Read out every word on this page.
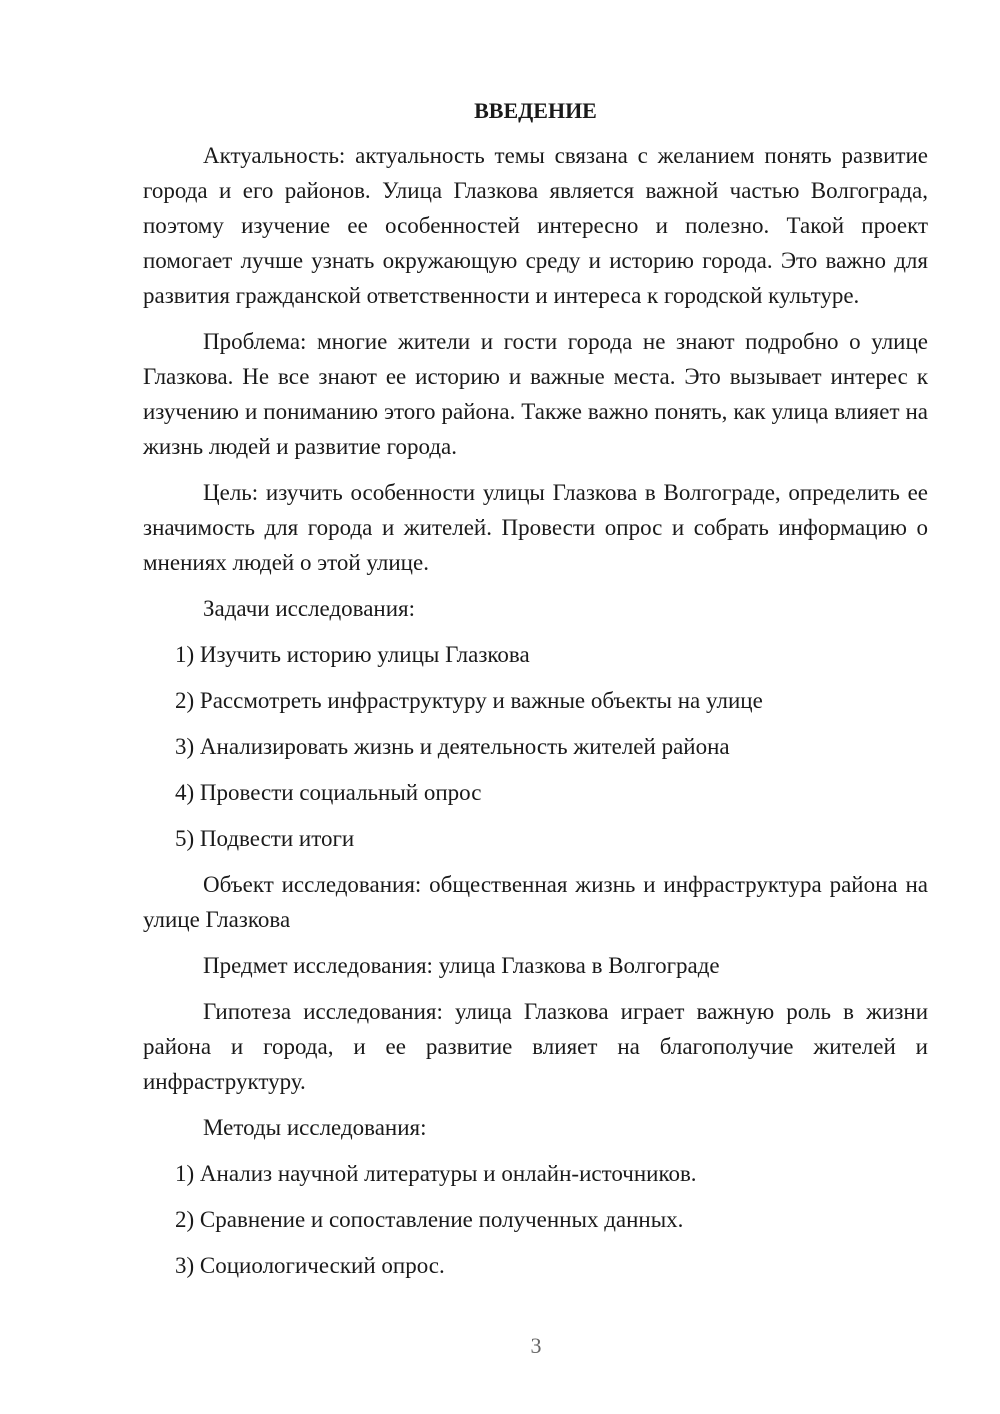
ВВЕДЕНИЕ

Актуальность: актуальность темы связана с желанием понять развитие города и его районов. Улица Глазкова является важной частью Волгограда, поэтому изучение ее особенностей интересно и полезно. Такой проект помогает лучше узнать окружающую среду и историю города. Это важно для развития гражданской ответственности и интереса к городской культуре.

Проблема: многие жители и гости города не знают подробно о улице Глазкова. Не все знают ее историю и важные места. Это вызывает интерес к изучению и пониманию этого района. Также важно понять, как улица влияет на жизнь людей и развитие города.

Цель: изучить особенности улицы Глазкова в Волгограде, определить ее значимость для города и жителей. Провести опрос и собрать информацию о мнениях людей о этой улице.

Задачи исследования:

1) Изучить историю улицы Глазкова
2) Рассмотреть инфраструктуру и важные объекты на улице
3) Анализировать жизнь и деятельность жителей района
4) Провести социальный опрос
5) Подвести итоги

Объект исследования: общественная жизнь и инфраструктура района на улице Глазкова

Предмет исследования: улица Глазкова в Волгограде

Гипотеза исследования: улица Глазкова играет важную роль в жизни района и города, и ее развитие влияет на благополучие жителей и инфраструктуру.

Методы исследования:

1) Анализ научной литературы и онлайн-источников.
2) Сравнение и сопоставление полученных данных.
3) Социологический опрос.
3
